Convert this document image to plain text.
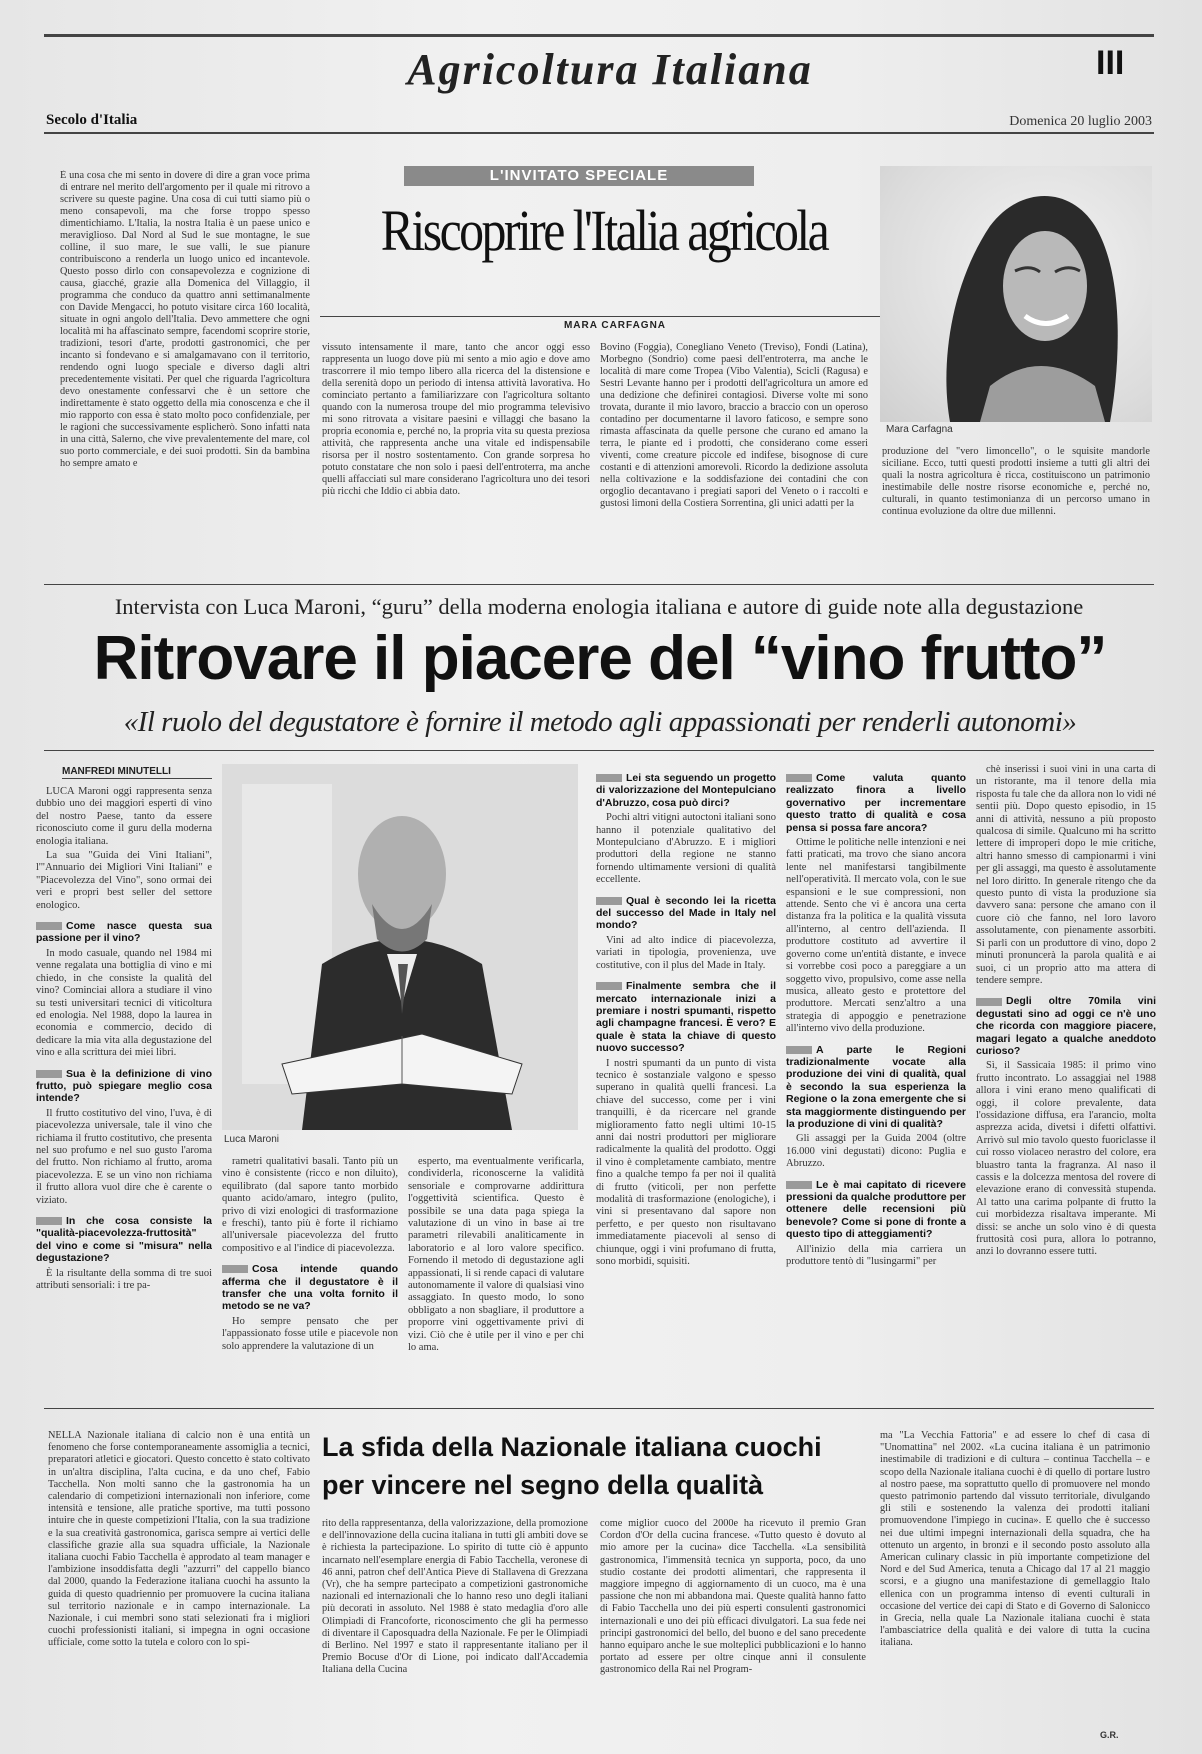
Agricoltura Italiana	III
Secolo d'Italia	Domenica 20 luglio 2003
È una cosa che mi sento in dovere di dire a gran voce prima di entrare nel merito dell'argomento per il quale mi ritrovo a scrivere su queste pagine. Una cosa di cui tutti siamo più o meno consapevoli, ma che forse troppo spesso dimentichiamo. L'Italia, la nostra Italia è un paese unico e meraviglioso. Dal Nord al Sud le sue montagne, le sue colline, il suo mare, le sue valli, le sue pianure contribuiscono a renderla un luogo unico ed incantevole. Questo posso dirlo con consapevolezza e cognizione di causa, giacché, grazie alla Domenica del Villaggio, il programma che conduco da quattro anni settimanalmente con Davide Mengacci, ho potuto visitare circa 160 località, situate in ogni angolo dell'Italia. Devo ammettere che ogni località mi ha affascinato sempre, facendomi scoprire storie, tradizioni, tesori d'arte, prodotti gastronomici, che per incanto si fondevano e si amalgamavano con il territorio, rendendo ogni luogo speciale e diverso dagli altri precedentemente visitati. Per quel che riguarda l'agricoltura devo onestamente confessarvi che è un settore che indirettamente è stato oggetto della mia conoscenza e che il mio rapporto con essa è stato molto poco confidenziale, per le ragioni che successivamente esplicherò. Sono infatti nata in una città, Salerno, che vive prevalentemente del mare, col suo porto commerciale, e dei suoi prodotti. Sin da bambina ho sempre amato e
L'INVITATO SPECIALE
Riscoprire l'Italia agricola
MARA CARFAGNA
vissuto intensamente il mare, tanto che ancor oggi esso rappresenta un luogo dove più mi sento a mio agio e dove amo trascorrere il mio tempo libero alla ricerca del la distensione e della serenità dopo un periodo di intensa attività lavorativa. Ho cominciato pertanto a familiarizzare con l'agricoltura soltanto quando con la numerosa troupe del mio programma televisivo mi sono ritrovata a visitare paesini e villaggi che basano la propria economia e, perché no, la propria vita su questa preziosa attività, che rappresenta anche una vitale ed indispensabile risorsa per il nostro sostentamento. Con grande sorpresa ho potuto constatare che non solo i paesi dell'entroterra, ma anche quelli affacciati sul mare considerano l'agricoltura uno dei tesori più ricchi che Iddio ci abbia dato.
Bovino (Foggia), Conegliano Veneto (Treviso), Fondi (Latina), Morbegno (Sondrio) come paesi dell'entroterra, ma anche le località di mare come Tropea (Vibo Valentia), Scicli (Ragusa) e Sestri Levante hanno per i prodotti dell'agricoltura un amore ed una dedizione che definirei contagiosi. Diverse volte mi sono trovata, durante il mio lavoro, braccio a braccio con un operoso contadino per documentarne il lavoro faticoso, e sempre sono rimasta affascinata da quelle persone che curano ed amano la terra, le piante ed i prodotti, che considerano come esseri viventi, come creature piccole ed indifese, bisognose di cure costanti e di attenzioni amorevoli. Ricordo la dedizione assoluta nella coltivazione e la soddisfazione dei contadini che con orgoglio decantavano i pregiati sapori del Veneto o i raccolti e gustosi limoni della Costiera Sorrentina, gli unici adatti per la
Mara Carfagna
produzione del "vero limoncello", o le squisite mandorle siciliane. Ecco, tutti questi prodotti insieme a tutti gli altri dei quali la nostra agricoltura è ricca, costituiscono un patrimonio inestimabile delle nostre risorse economiche e, perché no, culturali, in quanto testimonianza di un percorso umano in continua evoluzione da oltre due millenni.
Intervista con Luca Maroni, “guru” della moderna enologia italiana e autore di guide note alla degustazione
Ritrovare il piacere del “vino frutto”
«Il ruolo del degustatore è fornire il metodo agli appassionati per renderli autonomi»
MANFREDI MINUTELLI
LUCA Maroni oggi rappresenta senza dubbio uno dei maggiori esperti di vino del nostro Paese, tanto da essere riconosciuto come il guru della moderna enologia italiana.
La sua "Guida dei Vini Italiani", l'"Annuario dei Migliori Vini Italiani" e "Piacevolezza del Vino", sono ormai dei veri e propri best seller del settore enologico.
Come nasce questa sua passione per il vino?
In modo casuale, quando nel 1984 mi venne regalata una bottiglia di vino e mi chiedo, in che consiste la qualità del vino? Cominciai allora a studiare il vino su testi universitari tecnici di viticoltura ed enologia. Nel 1988, dopo la laurea in economia e commercio, decido di dedicare la mia vita alla degustazione del vino e alla scrittura dei miei libri.
Sua è la definizione di vino frutto, può spiegare meglio cosa intende?
Il frutto costitutivo del vino, l'uva, è di piacevolezza universale, tale il vino che richiama il frutto costitutivo, che presenta nel suo profumo e nel suo gusto l'aroma del frutto. Non richiamo al frutto, aroma piacevolezza. E se un vino non richiama il frutto allora vuol dire che è carente o viziato.
In che cosa consiste la "qualità-piacevolezza-fruttosità" del vino e come si "misura" nella degustazione?
È la risultante della somma di tre suoi attributi sensoriali: i tre pa-
Luca Maroni
rametri qualitativi basali. Tanto più un vino è consistente (ricco e non diluito), equilibrato (dal sapore tanto morbido quanto acido/amaro, integro (pulito, privo di vizi enologici di trasformazione e freschi), tanto più è forte il richiamo all'universale piacevolezza del frutto compositivo e al l'indice di piacevolezza.
Cosa intende quando afferma che il degustatore è il transfer che una volta fornito il metodo se ne va?
Ho sempre pensato che per l'appassionato fosse utile e piacevole non solo apprendere la valutazione di un
esperto, ma eventualmente verificarla, condividerla, riconoscerne la validità sensoriale e comprovarne addirittura l'oggettività scientifica. Questo è possibile se una data paga spiega la valutazione di un vino in base ai tre parametri rilevabili analiticamente in laboratorio e al loro valore specifico. Fornendo il metodo di degustazione agli appassionati, li si rende capaci di valutare autonomamente il valore di qualsiasi vino assaggiato. In questo modo, lo sono obbligato a non sbagliare, il produttore a proporre vini oggettivamente privi di vizi. Ciò che è utile per il vino e per chi lo ama.
Lei sta seguendo un progetto di valorizzazione del Montepulciano d'Abruzzo, cosa può dirci?
Pochi altri vitigni autoctoni italiani sono hanno il potenziale qualitativo del Montepulciano d'Abruzzo. E i migliori produttori della regione ne stanno fornendo ultimamente versioni di qualità eccellente.
Qual è secondo lei la ricetta del successo del Made in Italy nel mondo?
Vini ad alto indice di piacevolezza, variati in tipologia, provenienza, uve costitutive, con il plus del Made in Italy.
Finalmente sembra che il mercato internazionale inizi a premiare i nostri spumanti, rispetto agli champagne francesi. È vero? E quale è stata la chiave di questo nuovo successo?
I nostri spumanti da un punto di vista tecnico è sostanziale valgono e spesso superano in qualità quelli francesi. La chiave del successo, come per i vini tranquilli, è da ricercare nel grande miglioramento fatto negli ultimi 10-15 anni dai nostri produttori per migliorare radicalmente la qualità del prodotto. Oggi il vino è completamente cambiato, mentre fino a qualche tempo fa per noi il qualità di frutto (viticoli, per non perfette modalità di trasformazione (enologiche), i vini si presentavano dal sapore non perfetto, e per questo non risultavano immediatamente piacevoli al senso di chiunque, oggi i vini profumano di frutta, sono morbidi, squisiti.
Come valuta quanto realizzato finora a livello governativo per incrementare questo tratto di qualità e cosa pensa si possa fare ancora?
Ottime le politiche nelle intenzioni e nei fatti praticati, ma trovo che siano ancora lente nel manifestarsi tangibilmente nell'operatività. Il mercato vola, con le sue espansioni e le sue compressioni, non attende. Sento che vi è ancora una certa distanza fra la politica e la qualità vissuta all'interno, al centro dell'azienda. Il produttore costituto ad avvertire il governo come un'entità distante, e invece si vorrebbe così poco a pareggiare a un soggetto vivo, propulsivo, come asse nella musica, alleato gesto e protettore del produttore. Mercati senz'altro a una strategia di appoggio e penetrazione all'interno vivo della produzione.
A parte le Regioni tradizionalmente vocate alla produzione dei vini di qualità, qual è secondo la sua esperienza la Regione o la zona emergente che si sta maggiormente distinguendo per la produzione di vini di qualità?
Gli assaggi per la Guida 2004 (oltre 16.000 vini degustati) dicono: Puglia e Abruzzo.
Le è mai capitato di ricevere pressioni da qualche produttore per ottenere delle recensioni più benevole? Come si pone di fronte a questo tipo di atteggiamenti?
All'inizio della mia carriera un produttore tentò di "lusingarmi" per
chè inserissi i suoi vini in una carta di un ristorante, ma il tenore della mia risposta fu tale che da allora non lo vidi né sentii più. Dopo questo episodio, in 15 anni di attività, nessuno a più proposto qualcosa di simile. Qualcuno mi ha scritto lettere di improperi dopo le mie critiche, altri hanno smesso di campionarmi i vini per gli assaggi, ma questo è assolutamente nel loro diritto. In generale ritengo che da questo punto di vista la produzione sia davvero sana: persone che amano con il cuore ciò che fanno, nel loro lavoro assolutamente, con pienamente assorbiti. Si parli con un produttore di vino, dopo 2 minuti pronuncerà la parola qualità e ai suoi, ci un proprio atto ma attera di tendere sempre.
Degli oltre 70mila vini degustati sino ad oggi ce n'è uno che ricorda con maggiore piacere, magari legato a qualche aneddoto curioso?
Sì, il Sassicaia 1985: il primo vino frutto incontrato. Lo assaggiai nel 1988 allora i vini erano meno qualificati di oggi, il colore prevalente, data l'ossidazione diffusa, era l'arancio, molta asprezza acida, divetsi i difetti olfattivi. Arrivò sul mio tavolo questo fuoriclasse il cui rosso violaceo nerastro del colore, era bluastro tanta la fragranza. Al naso il cassis e la dolcezza mentosa del rovere di elevazione erano di convessità stupenda. Al tatto una carima polpante di frutto la cui morbidezza risaltava imperante. Mi dissi: se anche un solo vino è di questa fruttosità così pura, allora lo potranno, anzi lo dovranno essere tutti.
NELLA Nazionale italiana di calcio non è una entità un fenomeno che forse contemporaneamente assomiglia a tecnici, preparatori atletici e giocatori. Questo concetto è stato coltivato in un'altra disciplina, l'alta cucina, e da uno chef, Fabio Tacchella. Non molti sanno che la gastronomia ha un calendario di competizioni internazionali non inferiore, come intensità e tensione, alle pratiche sportive, ma tutti possono intuire che in queste competizioni l'Italia, con la sua tradizione e la sua creatività gastronomica, garisca sempre ai vertici delle classifiche grazie alla sua squadra ufficiale, la Nazionale italiana cuochi Fabio Tacchella è approdato al team manager e l'ambizione insoddisfatta degli "azzurri" del cappello bianco dal 2000, quando la Federazione italiana cuochi ha assunto la guida di questo quadriennio per promuovere la cucina italiana sul territorio nazionale e in campo internazionale. La Nazionale, i cui membri sono stati selezionati fra i migliori cuochi professionisti italiani, si impegna in ogni occasione ufficiale, come sotto la tutela e coloro con lo spi-
La sfida della Nazionale italiana cuochi
per vincere nel segno della qualità
rito della rappresentanza, della valorizzazione, della promozione e dell'innovazione della cucina italiana in tutti gli ambiti dove se è richiesta la partecipazione. Lo spirito di tutte ciò è appunto incarnato nell'esemplare energia di Fabio Tacchella, veronese di 46 anni, patron chef dell'Antica Pieve di Stallavena di Grezzana (Vr), che ha sempre partecipato a competizioni gastronomiche nazionali ed internazionali che lo hanno reso uno degli italiani più decorati in assoluto. Nel 1988 è stato medaglia d'oro alle Olimpiadi di Francoforte, riconoscimento che gli ha permesso di diventare il Caposquadra della Nazionale. Fe per le Olimpiadi di Berlino. Nel 1997 e stato il rappresentante italiano per il Premio Bocuse d'Or di Lione, poi indicato dall'Accademia Italiana della Cucina
come miglior cuoco del 2000e ha ricevuto il premio Gran Cordon d'Or della cucina francese. «Tutto questo è dovuto al mio amore per la cucina» dice Tacchella. «La sensibilità gastronomica, l'immensità tecnica yn supporta, poco, da uno studio costante dei prodotti alimentari, che rappresenta il maggiore impegno di aggiornamento di un cuoco, ma è una passione che non mi abbandona mai. Queste qualità hanno fatto di Fabio Tacchella uno dei più esperti consulenti gastronomici internazionali e uno dei più efficaci divulgatori. La sua fede nei principi gastronomici del bello, del buono e del sano precedente hanno equiparo anche le sue molteplici pubblicazioni e lo hanno portato ad essere per oltre cinque anni il consulente gastronomico della Rai nel Program-
ma "La Vecchia Fattoria" e ad essere lo chef di casa di "Unomattina" nel 2002. «La cucina italiana è un patrimonio inestimabile di tradizioni e di cultura – continua Tacchella – e scopo della Nazionale italiana cuochi è di quello di portare lustro al nostro paese, ma soprattutto quello di promuovere nel mondo questo patrimonio partendo dal vissuto territoriale, divulgando gli stili e sostenendo la valenza dei prodotti italiani promuovendone l'impiego in cucina». E quello che è successo nei due ultimi impegni internazionali della squadra, che ha ottenuto un argento, in bronzi e il secondo posto assoluto alla American culinary classic in più importante competizione del Nord e del Sud America, tenuta a Chicago dal 17 al 21 maggio scorsi, e a giugno una manifestazione di gemellaggio Italo ellenica con un programma intenso di eventi culturali in occasione del vertice dei capi di Stato e di Governo di Salonicco in Grecia, nella quale La Nazionale italiana cuochi è stata l'ambasciatrice della qualità e dei valore di tutta la cucina italiana.
G.R.
